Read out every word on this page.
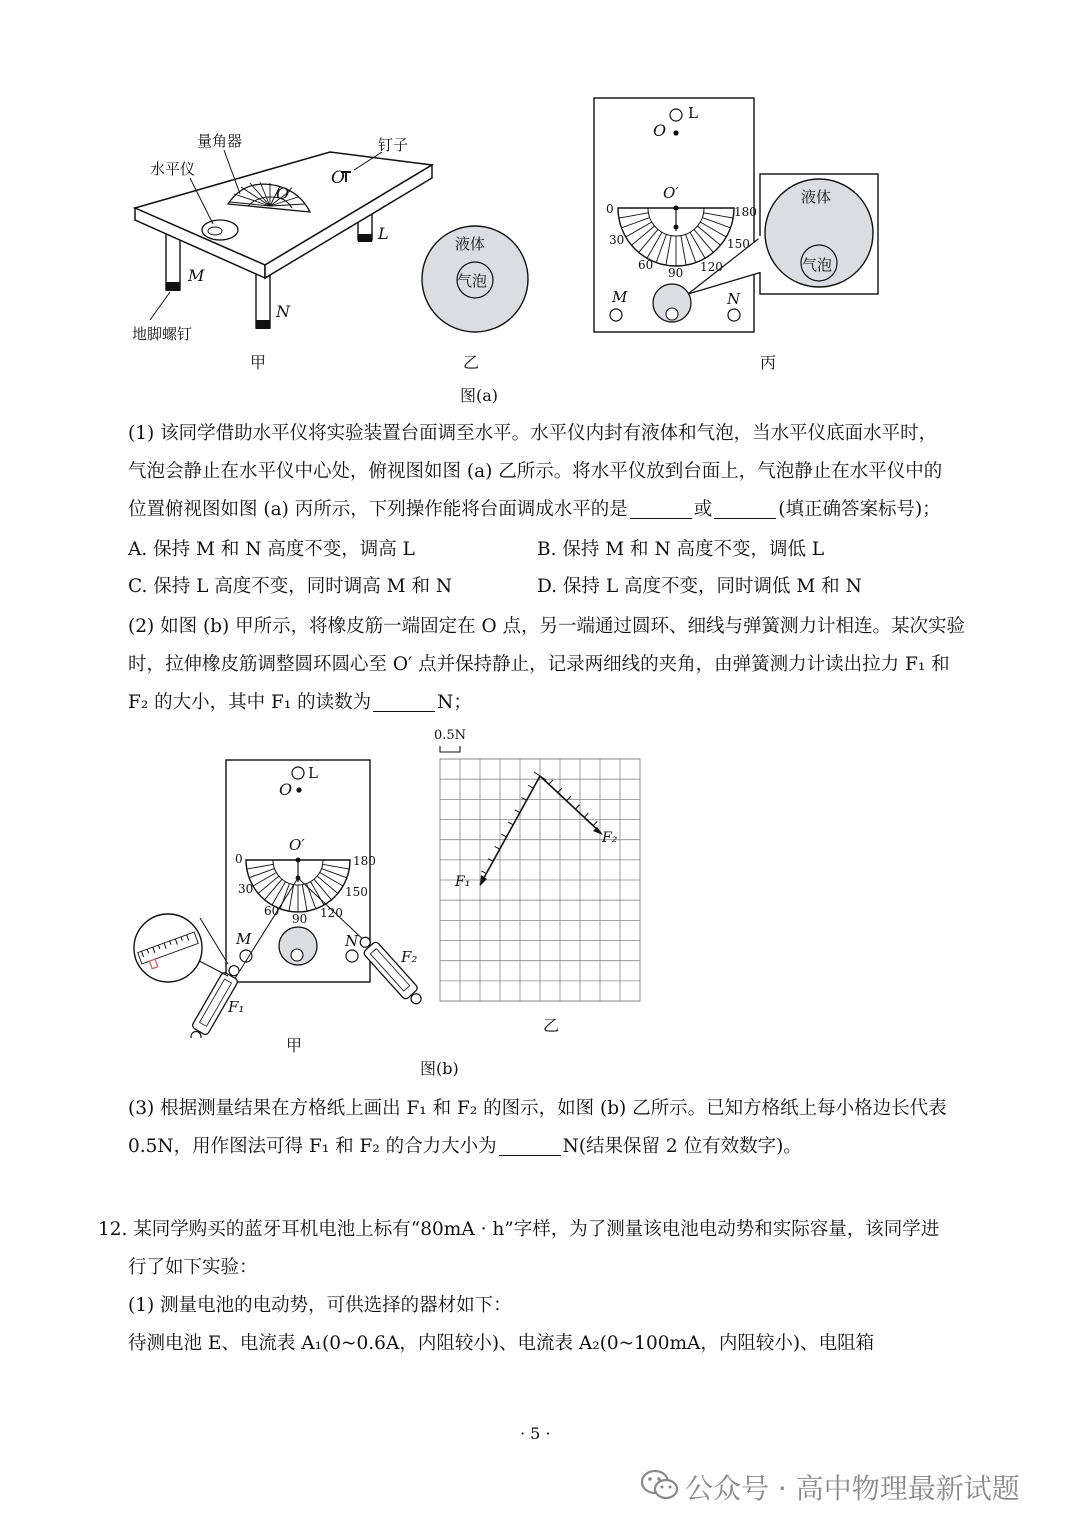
量角器	钉子
水平仪	O
O′
L
M
N
地脚螺钉
甲
液体
气泡
乙
L
O
O′
0
30
60
90 120
150
180
M	N
液体
气泡
丙
图(a)
(1) 该同学借助水平仪将实验装置台面调至水平。水平仪内封有液体和气泡，当水平仪底面水平时，
气泡会静止在水平仪中心处，俯视图如图 (a) 乙所示。将水平仪放到台面上，气泡静止在水平仪中的
位置俯视图如图 (a) 丙所示，下列操作能将台面调成水平的是	或	(填正确答案标号)；
A. 保持 M 和 N 高度不变，调高 L	B. 保持 M 和 N 高度不变，调低 L
C. 保持 L 高度不变，同时调高 M 和 N	D. 保持 L 高度不变，同时调低 M 和 N
(2) 如图 (b) 甲所示，将橡皮筋一端固定在 O 点，另一端通过圆环、细线与弹簧测力计相连。某次实验
时，拉伸橡皮筋调整圆环圆心至 O′ 点并保持静止，记录两细线的夹角，由弹簧测力计读出拉力 F₁ 和
F₂ 的大小，其中 F₁ 的读数为	N；
L
O
O′
0
30
60
90 120
150
180
M	N
F₁
F₂
甲
0.5N
F₁
F₂
乙
图(b)
(3) 根据测量结果在方格纸上画出 F₁ 和 F₂ 的图示，如图 (b) 乙所示。已知方格纸上每小格边长代表
0.5N，用作图法可得 F₁ 和 F₂ 的合力大小为	N(结果保留 2 位有效数字)。
12. 某同学购买的蓝牙耳机电池上标有“80mA · h”字样，为了测量该电池电动势和实际容量，该同学进
行了如下实验：
(1) 测量电池的电动势，可供选择的器材如下：
待测电池 E、电流表 A₁(0~0.6A，内阻较小)、电流表 A₂(0~100mA，内阻较小)、电阻箱
· 5 ·
公众号 · 高中物理最新试题
